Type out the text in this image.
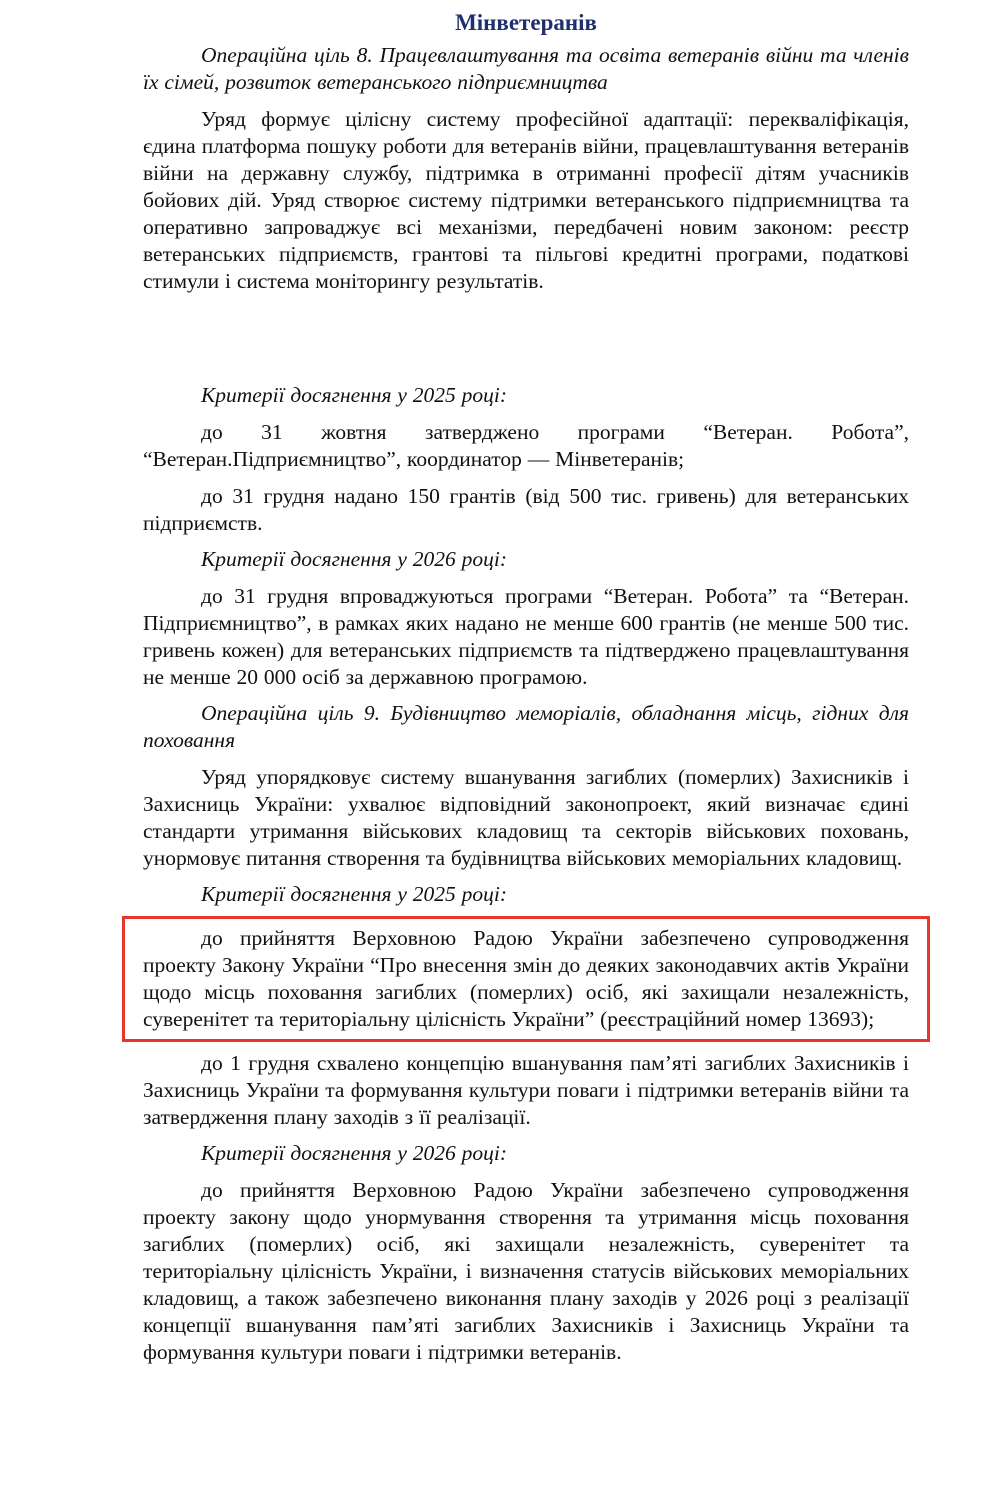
Мінветеранів

Операційна ціль 8. Працевлаштування та освіта ветеранів війни та членів їх сімей, розвиток ветеранського підприємництва

Уряд формує цілісну систему професійної адаптації: перекваліфікація, єдина платформа пошуку роботи для ветеранів війни, працевлаштування ветеранів війни на державну службу, підтримка в отриманні професії дітям учасників бойових дій. Уряд створює систему підтримки ветеранського підприємництва та оперативно запроваджує всі механізми, передбачені новим законом: реєстр ветеранських підприємств, грантові та пільгові кредитні програми, податкові стимули і система моніторингу результатів.

Критерії досягнення у 2025 році:

до 31 жовтня затверджено програми “Ветеран. Робота”, “Ветеран.Підприємництво”, координатор — Мінветеранів;

до 31 грудня надано 150 грантів (від 500 тис. гривень) для ветеранських підприємств.

Критерії досягнення у 2026 році:

до 31 грудня впроваджуються програми “Ветеран. Робота” та “Ветеран. Підприємництво”, в рамках яких надано не менше 600 грантів (не менше 500 тис. гривень кожен) для ветеранських підприємств та підтверджено працевлаштування не менше 20 000 осіб за державною програмою.

Операційна ціль 9. Будівництво меморіалів, обладнання місць, гідних для поховання

Уряд упорядковує систему вшанування загиблих (померлих) Захисників і Захисниць України: ухвалює відповідний законопроект, який визначає єдині стандарти утримання військових кладовищ та секторів військових поховань, унормовує питання створення та будівництва військових меморіальних кладовищ.

Критерії досягнення у 2025 році:

до прийняття Верховною Радою України забезпечено супроводження проекту Закону України “Про внесення змін до деяких законодавчих актів України щодо місць поховання загиблих (померлих) осіб, які захищали незалежність, суверенітет та територіальну цілісність України” (реєстраційний номер 13693);

до 1 грудня схвалено концепцію вшанування пам’яті загиблих Захисників і Захисниць України та формування культури поваги і підтримки ветеранів війни та затвердження плану заходів з її реалізації.

Критерії досягнення у 2026 році:

до прийняття Верховною Радою України забезпечено супроводження проекту закону щодо унормування створення та утримання місць поховання загиблих (померлих) осіб, які захищали незалежність, суверенітет та територіальну цілісність України, і визначення статусів військових меморіальних кладовищ, а також забезпечено виконання плану заходів у 2026 році з реалізації концепції вшанування пам’яті загиблих Захисників і Захисниць України та формування культури поваги і підтримки ветеранів.
